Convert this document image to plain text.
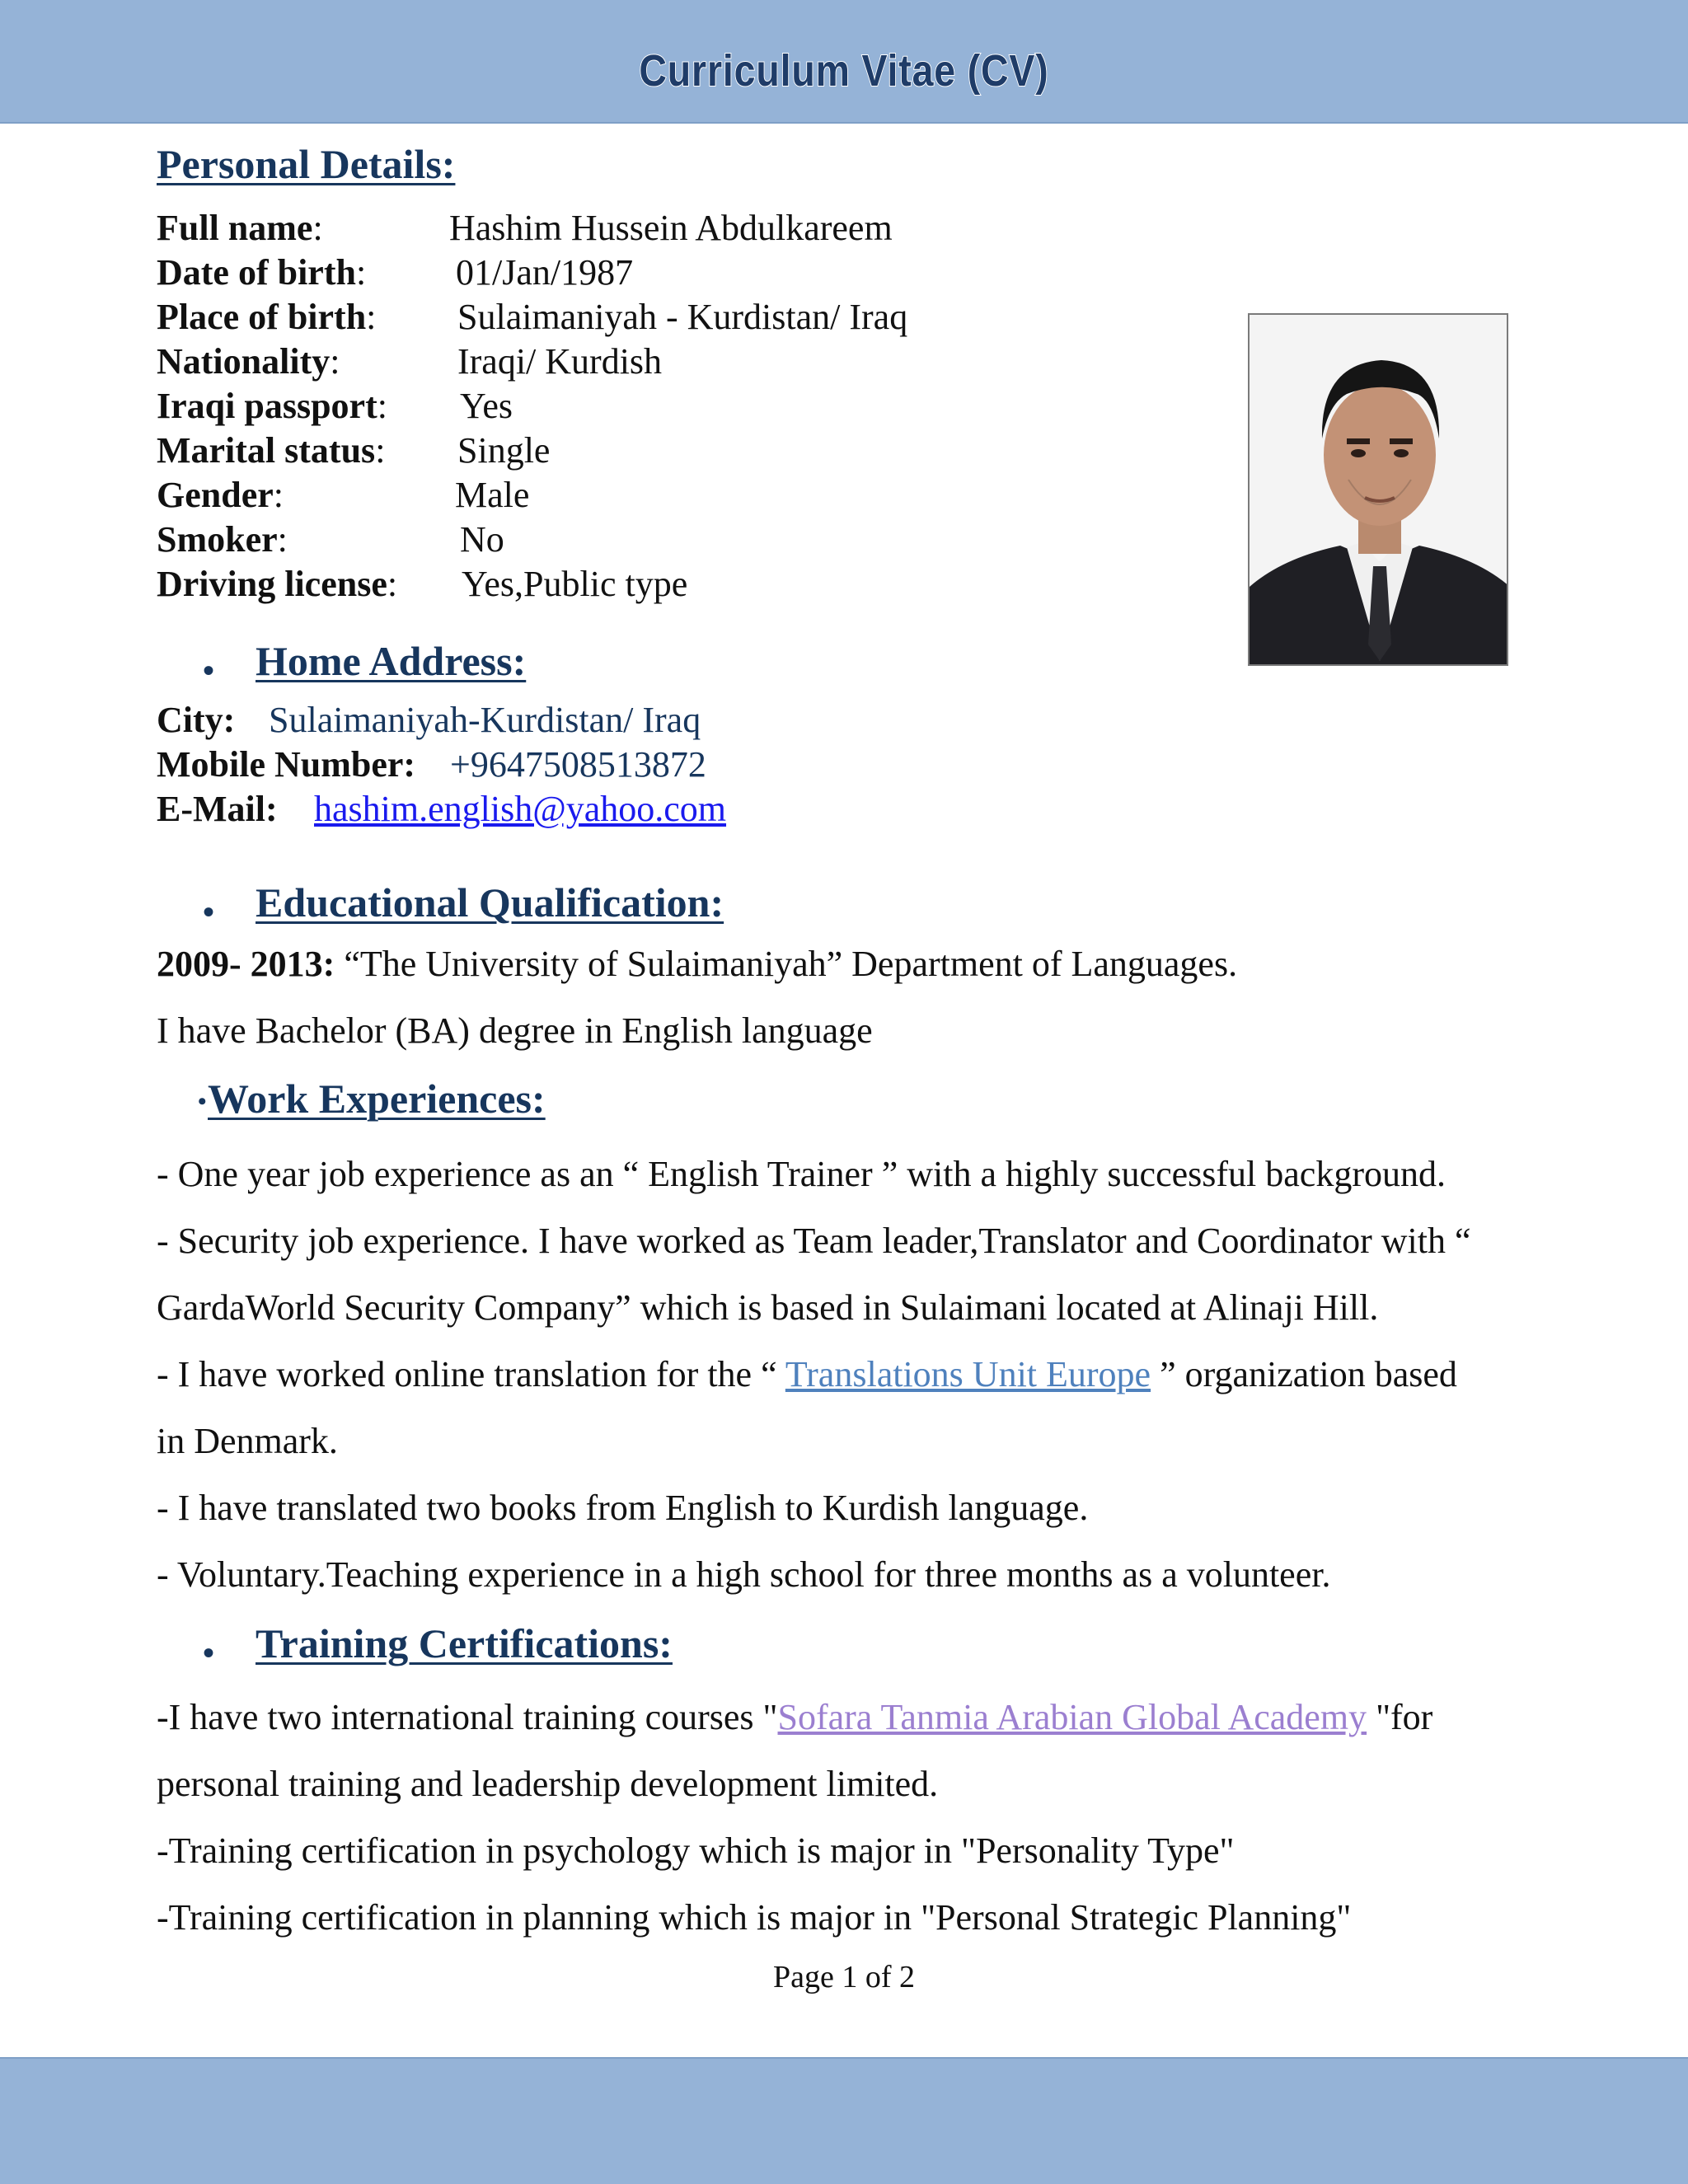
Curriculum Vitae (CV)
Personal Details:
Full name:	Hashim Hussein Abdulkareem
Date of birth: 01/Jan/1987
Place of birth: Sulaimaniyah - Kurdistan/ Iraq
Nationality:	Iraqi/ Kurdish
Iraqi passport: Yes
Marital status: Single
Gender:	Male
Smoker:	No
Driving license: Yes,Public type
• Home Address:
City: Sulaimaniyah-Kurdistan/ Iraq
Mobile Number: +9647508513872
E-Mail: hashim.english@yahoo.com
• Educational Qualification:
2009- 2013: “The University of Sulaimaniyah” Department of Languages.
I have Bachelor (BA) degree in English language
• Work Experiences:
- One year job experience as an “ English Trainer ” with a highly successful background.
- Security job experience. I have worked as Team leader,Translator and Coordinator with “
GardaWorld Security Company” which is based in Sulaimani located at Alinaji Hill.
- I have worked online translation for the “ Translations Unit Europe ” organization based
in Denmark.
- I have translated two books from English to Kurdish language.
- Voluntary.Teaching experience in a high school for three months as a volunteer.
• Training Certifications:
-I have two international training courses "Sofara Tanmia Arabian Global Academy "for
personal training and leadership development limited.
-Training certification in psychology which is major in "Personality Type"
-Training certification in planning which is major in "Personal Strategic Planning"
Page 1 of 2
